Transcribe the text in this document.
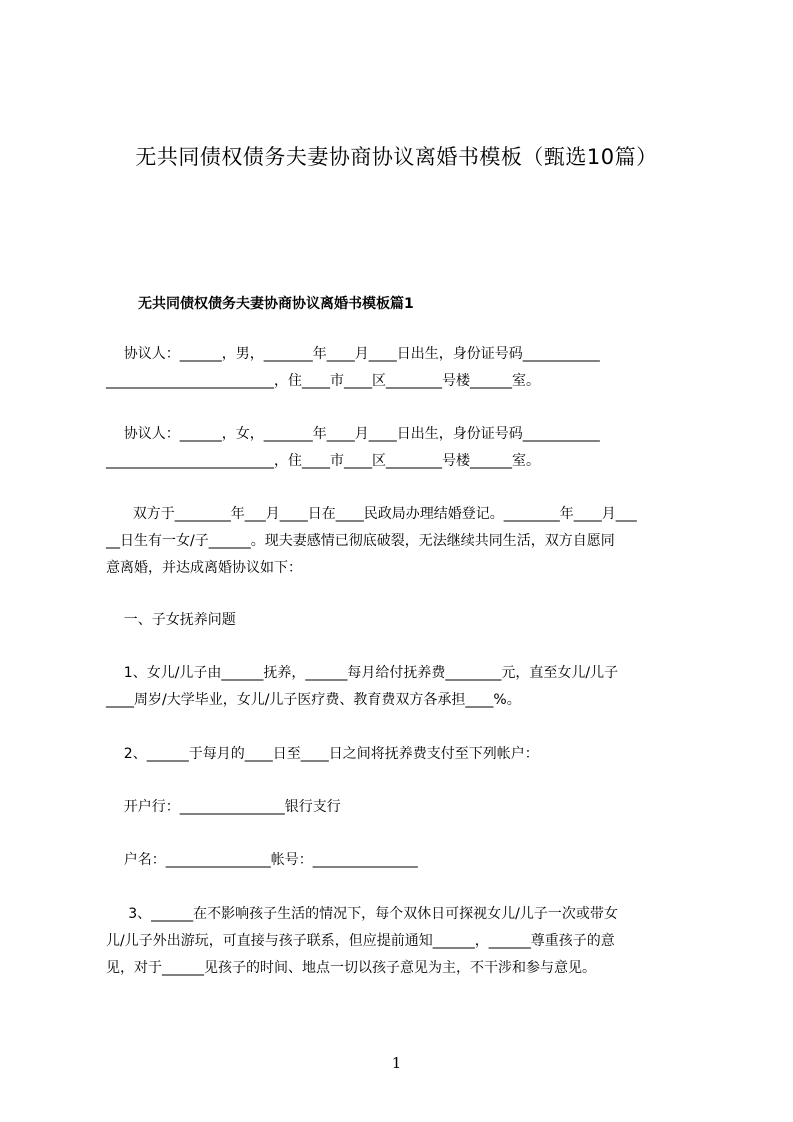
无共同债权债务夫妻协商协议离婚书模板（甄选10篇）
无共同债权债务夫妻协商协议离婚书模板篇1
协议人：______，男，_______年____月____日出生，身份证号码___________
________________________，住____市____区________号楼______室。
协议人：______，女，_______年____月____日出生，身份证号码___________
________________________，住____市____区________号楼______室。
双方于________年___月____日在____民政局办理结婚登记。________年____月___
__日生有一女/子______。现夫妻感情已彻底破裂，无法继续共同生活，双方自愿同
意离婚，并达成离婚协议如下：
一、子女抚养问题
1、女儿/儿子由______抚养，______每月给付抚养费________元，直至女儿/儿子
____周岁/大学毕业，女儿/儿子医疗费、教育费双方各承担____%。
2、______于每月的____日至____日之间将抚养费支付至下列帐户：
开户行：_______________银行支行
户名：_______________帐号：_______________
3、______在不影响孩子生活的情况下，每个双休日可探视女儿/儿子一次或带女
儿/儿子外出游玩，可直接与孩子联系，但应提前通知______，______尊重孩子的意
见，对于______见孩子的时间、地点一切以孩子意见为主，不干涉和参与意见。
1
